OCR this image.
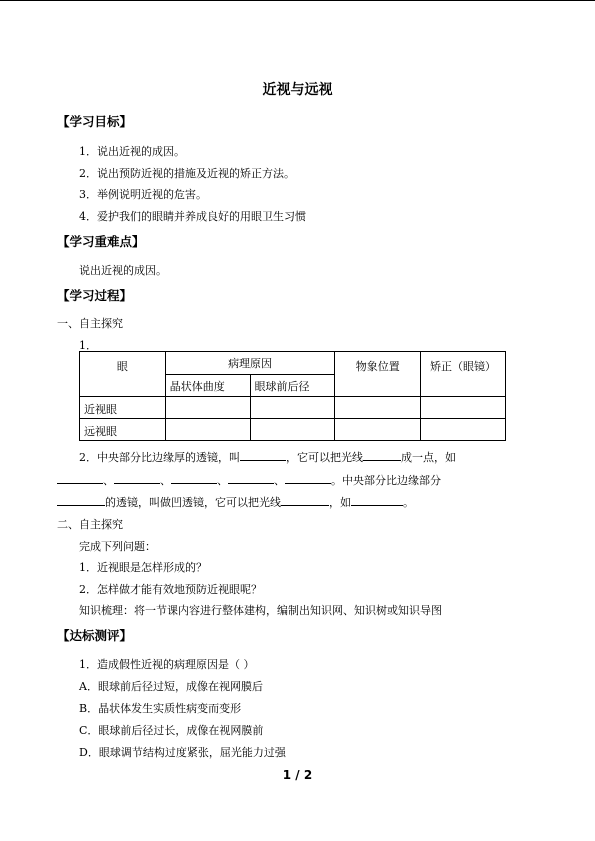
近视与远视
【学习目标】
1．说出近视的成因。
2．说出预防近视的措施及近视的矫正方法。
3．举例说明近视的危害。
4．爱护我们的眼睛并养成良好的用眼卫生习惯
【学习重难点】
说出近视的成因。
【学习过程】
一、自主探究
1．
眼	病理原因		物象位置	矫正（眼镜）
	晶状体曲度	眼球前后径		
近视眼				
远视眼				
2．中央部分比边缘厚的透镜，叫	，它可以把光线	成一点，如
、	、	、	、	。中央部分比边缘部分
的透镜，叫做凹透镜，它可以把光线	，如	。
二、自主探究
完成下列问题：
1．近视眼是怎样形成的？
2．怎样做才能有效地预防近视眼呢？
知识梳理：将一节课内容进行整体建构，编制出知识网、知识树或知识导图
【达标测评】
1．造成假性近视的病理原因是（ ）
A．眼球前后径过短，成像在视网膜后
B．晶状体发生实质性病变而变形
C．眼球前后径过长，成像在视网膜前
D．眼球调节结构过度紧张，屈光能力过强
1 / 2
